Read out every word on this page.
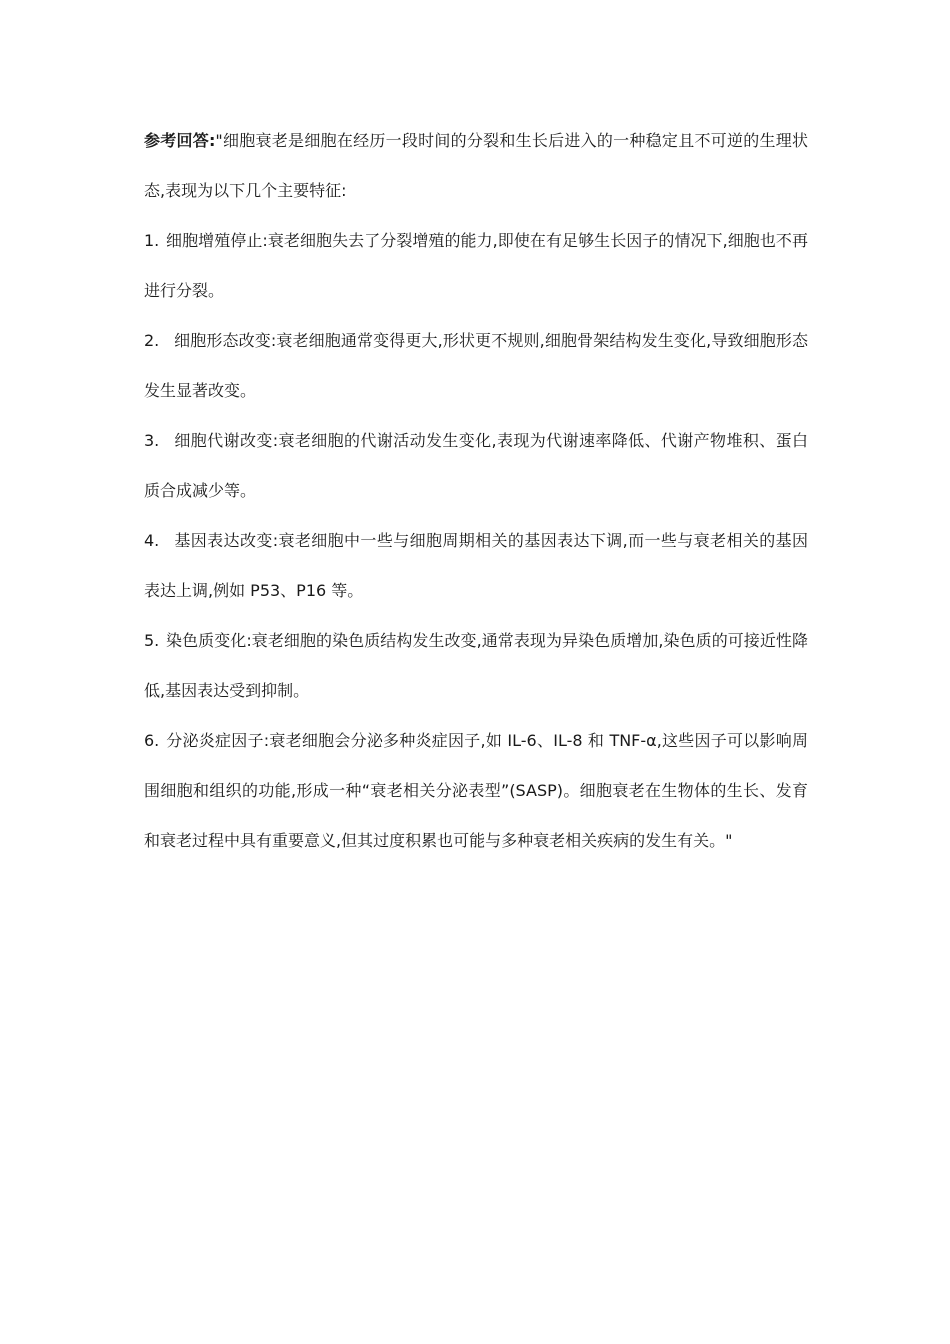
参考回答:"细胞衰老是细胞在经历一段时间的分裂和生长后进入的一种稳定且不可逆的生理状态,表现为以下几个主要特征:

1. 细胞增殖停止:衰老细胞失去了分裂增殖的能力,即使在有足够生长因子的情况下,细胞也不再进行分裂。

2. 细胞形态改变:衰老细胞通常变得更大,形状更不规则,细胞骨架结构发生变化,导致细胞形态发生显著改变。

3. 细胞代谢改变:衰老细胞的代谢活动发生变化,表现为代谢速率降低、代谢产物堆积、蛋白质合成减少等。

4. 基因表达改变:衰老细胞中一些与细胞周期相关的基因表达下调,而一些与衰老相关的基因表达上调,例如 P53、P16 等。

5. 染色质变化:衰老细胞的染色质结构发生改变,通常表现为异染色质增加,染色质的可接近性降低,基因表达受到抑制。

6. 分泌炎症因子:衰老细胞会分泌多种炎症因子,如 IL-6、IL-8 和 TNF-α,这些因子可以影响周围细胞和组织的功能,形成一种“衰老相关分泌表型”(SASP)。细胞衰老在生物体的生长、发育和衰老过程中具有重要意义,但其过度积累也可能与多种衰老相关疾病的发生有关。"
